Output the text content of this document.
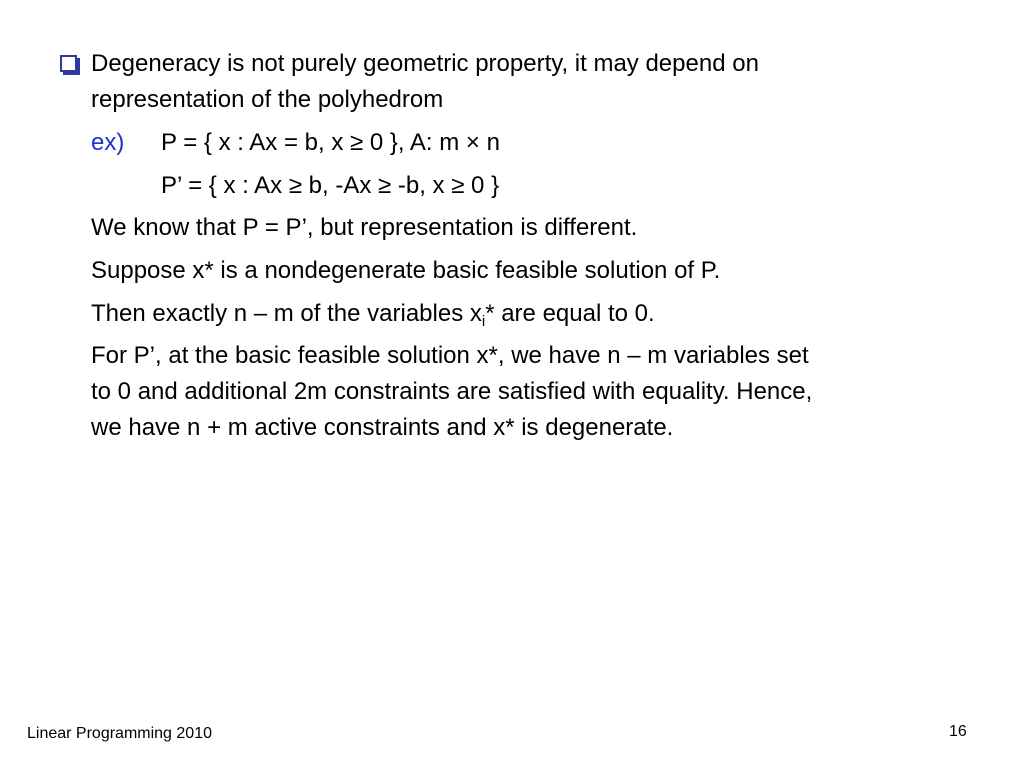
Degeneracy is not purely geometric property, it may depend on
representation of the polyhedrom
ex) P = { x : Ax = b, x ≥ 0 }, A: m × n
P’ = { x : Ax ≥ b, -Ax ≥ -b, x ≥ 0 }
We know that P = P’, but representation is different.
Suppose x* is a nondegenerate basic feasible solution of P.
Then exactly n – m of the variables $x_i*$ are equal to 0.
For P’, at the basic feasible solution x*, we have n – m variables set
to 0 and additional 2m constraints are satisfied with equality. Hence,
we have n + m active constraints and x* is degenerate.
Linear Programming 2010	16
